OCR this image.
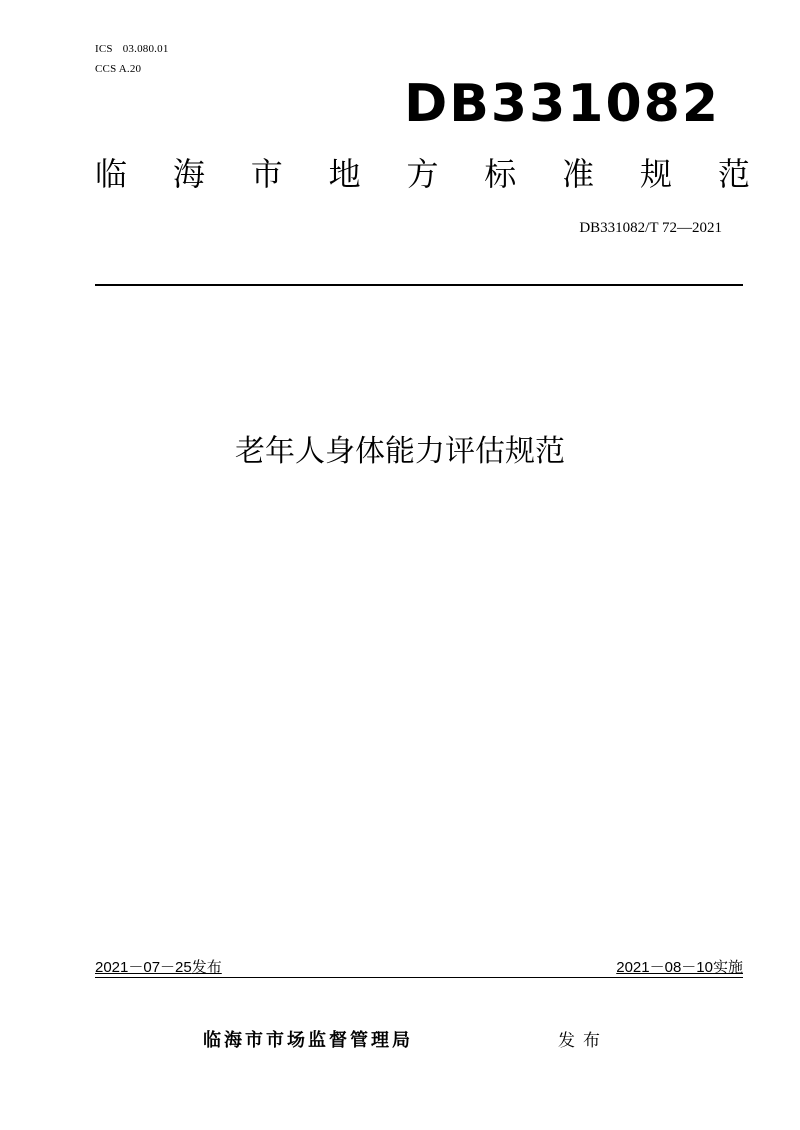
ICS 03.080.01
CCS A.20
DB331082
临 海 市 地 方 标 准 规 范
DB331082/T 72—2021
老年人身体能力评估规范
2021－07－25发布	2021－08－10实施
临海市市场监督管理局	发布
